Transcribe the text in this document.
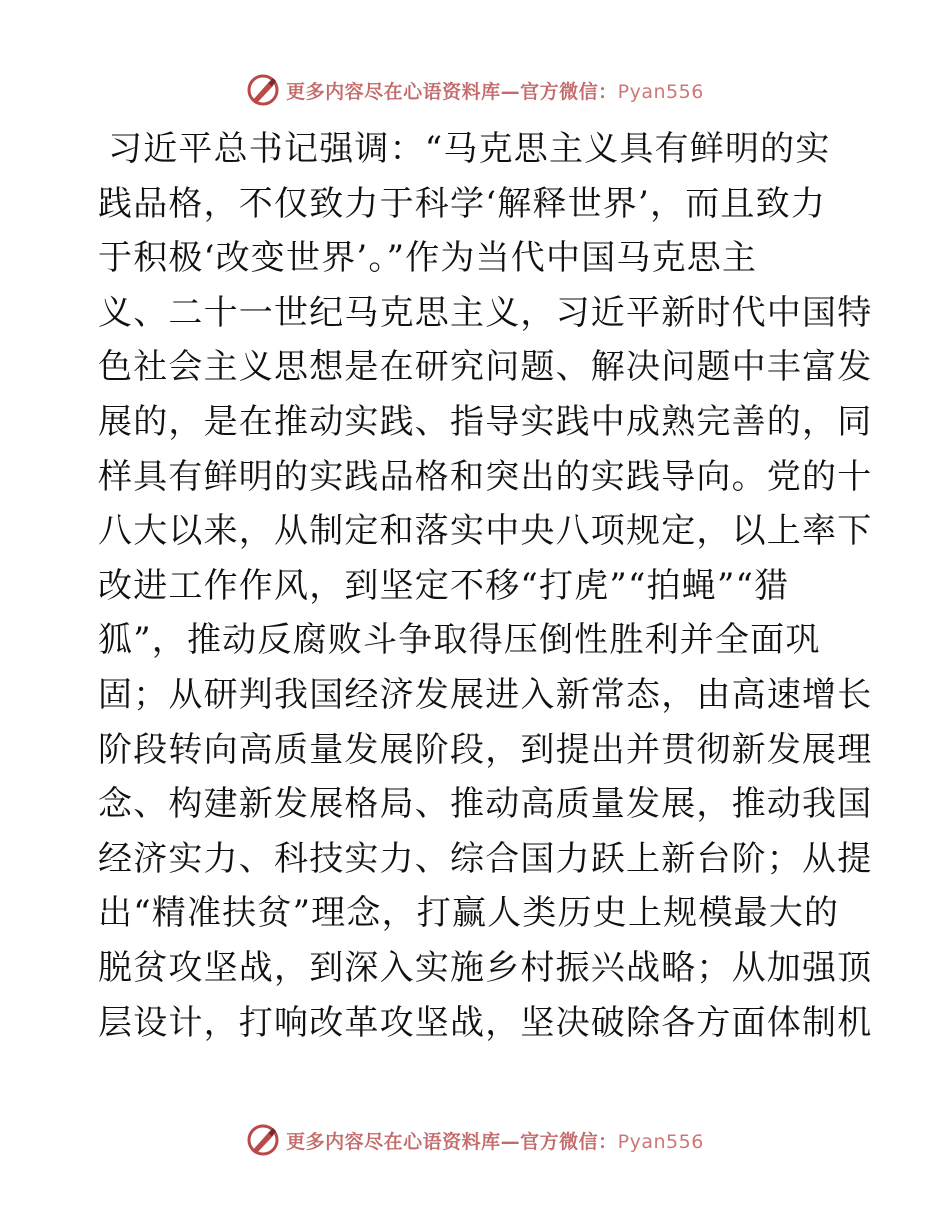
更多内容尽在心语资料库—官方微信：Pyan556
习近平总书记强调：“马克思主义具有鲜明的实
践品格，不仅致力于科学‘解释世界’，而且致力
于积极‘改变世界’。”作为当代中国马克思主
义、二十一世纪马克思主义，习近平新时代中国特
色社会主义思想是在研究问题、解决问题中丰富发
展的，是在推动实践、指导实践中成熟完善的，同
样具有鲜明的实践品格和突出的实践导向。党的十
八大以来，从制定和落实中央八项规定，以上率下
改进工作作风，到坚定不移“打虎”“拍蝇”“猎
狐”，推动反腐败斗争取得压倒性胜利并全面巩
固；从研判我国经济发展进入新常态，由高速增长
阶段转向高质量发展阶段，到提出并贯彻新发展理
念、构建新发展格局、推动高质量发展，推动我国
经济实力、科技实力、综合国力跃上新台阶；从提
出“精准扶贫”理念，打赢人类历史上规模最大的
脱贫攻坚战，到深入实施乡村振兴战略；从加强顶
层设计，打响改革攻坚战，坚决破除各方面体制机
更多内容尽在心语资料库—官方微信：Pyan556
